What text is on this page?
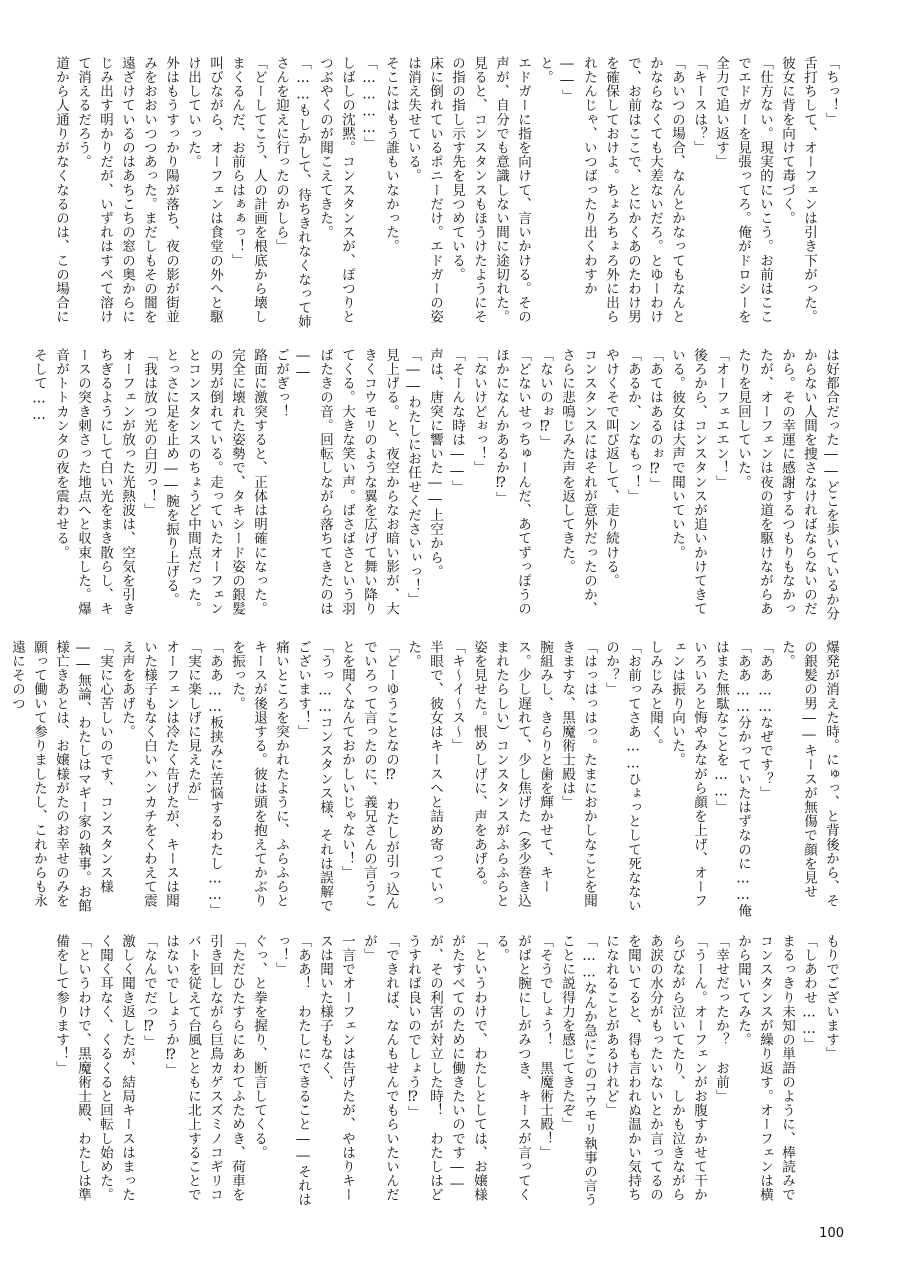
「ちっ！」

舌打ちして、オーフェンは引き下がった。

彼女に背を向けて毒づく。

「仕方ない。現実的にいこう。お前はここでエドガーを見張ってろ。俺がドロシーを全力で追い返す」

「キースは？」

「あいつの場合、なんとかなってもなんとかならなくても大差ないだろ。とゆーわけで、お前はここで、とにかくあのたわけ男を確保しておけよ。ちょろちょろ外に出られたんじゃ、いつばったり出くわすか――」

と。

エドガーに指を向けて、言いかける。その声が、自分でも意識しない間に途切れた。見ると、コンスタンスもほうけたようにその指の指し示す先を見つめている。

床に倒れているポニーだけ。エドガーの姿は消え失せている。

そこにはもう誰もいなかった。

「…………」

しばしの沈黙。コンスタンスが、ぽつりとつぶやくのが聞こえてきた。

「……もしかして、待ちきれなくなって姉さんを迎えに行ったのかしら」

「どーしてこう、人の計画を根底から壊しまくるんだ、お前らはぁぁっ！」

叫びながら、オーフェンは食堂の外へと駆け出していった。

外はもうすっかり陽が落ち、夜の影が街並みをおおいつつあった。まだしもその闇を遠ざけているのはあちこちの窓の奥からにじみ出す明かりだが、いずれはすべて溶けて消えるだろう。

道から人通りがなくなるのは、この場合に

は好都合だった――どこを歩いているか分からない人間を捜さなければならないのだから。その幸運に感謝するつもりもなかったが、オーフェンは夜の道を駆けながらあたりを見回していた。

「オーフェエエン！」

後ろから、コンスタンスが追いかけてきている。彼女は大声で聞いていた。

「あてはあるのぉ⁉」

「あるか、ンなもっ！」

やけくそで叫び返して、走り続ける。

コンスタンスにはそれが意外だったのか、さらに悲鳴じみた声を返してきた。

「ないのぉ⁉」

「どないせっちゅーんだ、あてずっぽうのほかになんかあるか⁉」

「ないけどぉっ！」

「そーんな時は――」

声は、唐突に響いた――上空から。

「――わたしにお任せくださいぃっ！」

見上げる。と、夜空からなお暗い影が、大きくコウモリのような翼を広げて舞い降りてくる。大きな笑い声。ばさばさという羽ばたきの音。回転しながら落ちてきたのは――

ごがぎっ！

路面に激突すると、正体は明確になった。完全に壊れた姿勢で、タキシード姿の銀髪の男が倒れている。走っていたオーフェンとコンスタンスのちょうど中間点だった。とっさに足を止め――腕を振り上げる。

「我は放つ光の白刃っ！」

オーフェンが放った光熱波は、空気を引きちぎるようにして白い光をまき散らし、キースの突き刺さった地点へと収束した。爆音がトトカンタの夜を震わせる。

そして……

爆発が消えた時。にゅっ、と背後から、その銀髪の男――キースが無傷で顔を見せた。

「ああ……なぜです？」

「ああ……分かっていたはずなのに……俺はまた無駄なことを……」

いろいろと悔やみながら顔を上げ、オーフェンは振り向いた。

しみじみと聞く。

「お前ってさあ……ひょっとして死なないのか？」

「はっはっはっ。たまにおかしなことを聞きますな、黒魔術士殿は」

腕組みし、きらりと歯を輝かせて、キース。少し遅れて、少し焦げた（多少巻き込まれたらしい）コンスタンスがふらふらと姿を見せた。恨めしげに、声をあげる。

「キ～イ～ス～」

半眼で、彼女はキースへと詰め寄っていった。

「どーゆうことなの⁉　わたしが引っ込んでいろって言ったのに、義兄さんの言うことを聞くなんておかしいじゃない！」

「うっ……コンスタンス様、それは誤解でございます！」

痛いところを突かれたように、ふらふらとキースが後退する。彼は頭を抱えてかぶりを振った。

「ああ……板挟みに苦悩するわたし……」

「実に楽しげに見えたが」

オーフェンは冷たく告げたが、キースは聞いた様子もなく白いハンカチをくわえて震え声をあげた。

「実に心苦しいのです、コンスタンス様――無論、わたしはマギー家の執事。お館様亡きあとは、お嬢様がたのお幸せのみを願って働いて参りましたし、これからも永遠にそのつ

もりでございます」

「しあわせ……」

まるっきり未知の単語のように、棒読みでコンスタンスが繰り返す。オーフェンは横から聞いてみた。

「幸せだったか？　お前」

「うーん。オーフェンがお腹すかせて干からびながら泣いてたり、しかも泣きながらあ涙の水分がもったいないとか言ってるのを聞いてると、得も言われぬ温かい気持ちになれることがあるけれど」

「……なんか急にこのコウモリ執事の言うことに説得力を感じてきたぞ」

「そうでしょう！　黒魔術士殿！」

がばと腕にしがみつき、キースが言ってくる。

「というわけで、わたしとしては、お嬢様がたすべてのために働きたいのです――が、その利害が対立した時！　わたしはどうすれば良いのでしょう⁉」

「できれば、なんもせんでもらいたいんだが」

一言でオーフェンは告げたが、やはりキースは聞いた様子もなく、

「ああ！　わたしにできること――それはっ！」

ぐっ、と拳を握り、断言してくる。

「ただひたすらにあわてふためき、荷車を引き回しながら巨鳥カゲスズミノコギリコバトを従えて台風とともに北上することではないでしょうか⁉」

「なんでだっ⁉」

激しく聞き返したが、結局キースはまったく聞く耳なく、くるくると回転し始めた。

「というわけで、黒魔術士殿、わたしは準備をして参ります！」

100
